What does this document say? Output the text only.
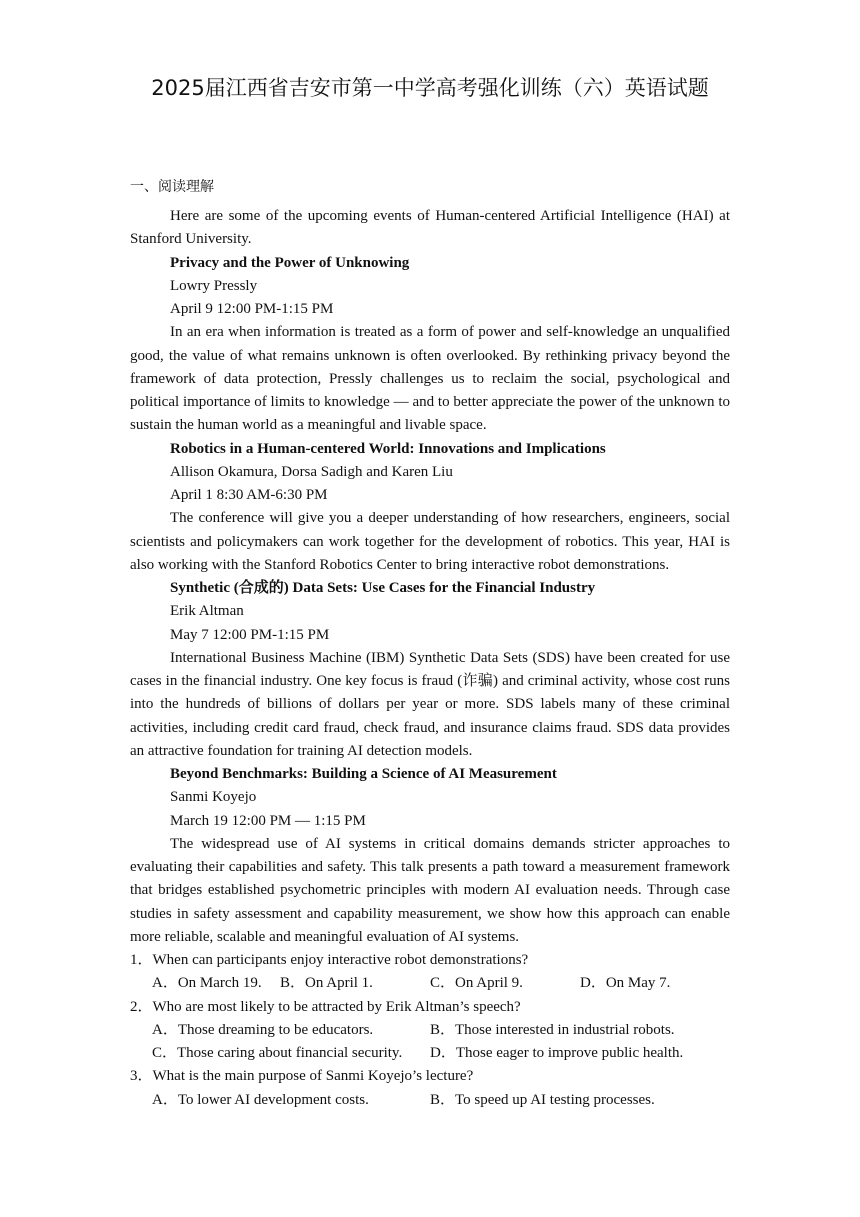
2025届江西省吉安市第一中学高考强化训练（六）英语试题
一、阅读理解

Here are some of the upcoming events of Human-centered Artificial Intelligence (HAI) at Stanford University.

Privacy and the Power of Unknowing

Lowry Pressly

April 9 12:00 PM-1:15 PM

In an era when information is treated as a form of power and self-knowledge an unqualified good, the value of what remains unknown is often overlooked. By rethinking privacy beyond the framework of data protection, Pressly challenges us to reclaim the social, psychological and political importance of limits to knowledge — and to better appreciate the power of the unknown to sustain the human world as a meaningful and livable space.

Robotics in a Human-centered World: Innovations and Implications

Allison Okamura, Dorsa Sadigh and Karen Liu

April 1 8:30 AM-6:30 PM

The conference will give you a deeper understanding of how researchers, engineers, social scientists and policymakers can work together for the development of robotics. This year, HAI is also working with the Stanford Robotics Center to bring interactive robot demonstrations.

Synthetic (合成的) Data Sets: Use Cases for the Financial Industry

Erik Altman

May 7 12:00 PM-1:15 PM

International Business Machine (IBM) Synthetic Data Sets (SDS) have been created for use cases in the financial industry. One key focus is fraud (诈骗) and criminal activity, whose cost runs into the hundreds of billions of dollars per year or more. SDS labels many of these criminal activities, including credit card fraud, check fraud, and insurance claims fraud. SDS data provides an attractive foundation for training AI detection models.

Beyond Benchmarks: Building a Science of AI Measurement

Sanmi Koyejo

March 19 12:00 PM — 1:15 PM

The widespread use of AI systems in critical domains demands stricter approaches to evaluating their capabilities and safety. This talk presents a path toward a measurement framework that bridges established psychometric principles with modern AI evaluation needs. Through case studies in safety assessment and capability measurement, we show how this approach can enable more reliable, scalable and meaningful evaluation of AI systems.

1．When can participants enjoy interactive robot demonstrations?

A．On March 19. B．On April 1.	C．On April 9.	D．On May 7.

2．Who are most likely to be attracted by Erik Altman’s speech?

A．Those dreaming to be educators.	B．Those interested in industrial robots.
C．Those caring about financial security. D．Those eager to improve public health.

3．What is the main purpose of Sanmi Koyejo’s lecture?

A．To lower AI development costs.	B．To speed up AI testing processes.
